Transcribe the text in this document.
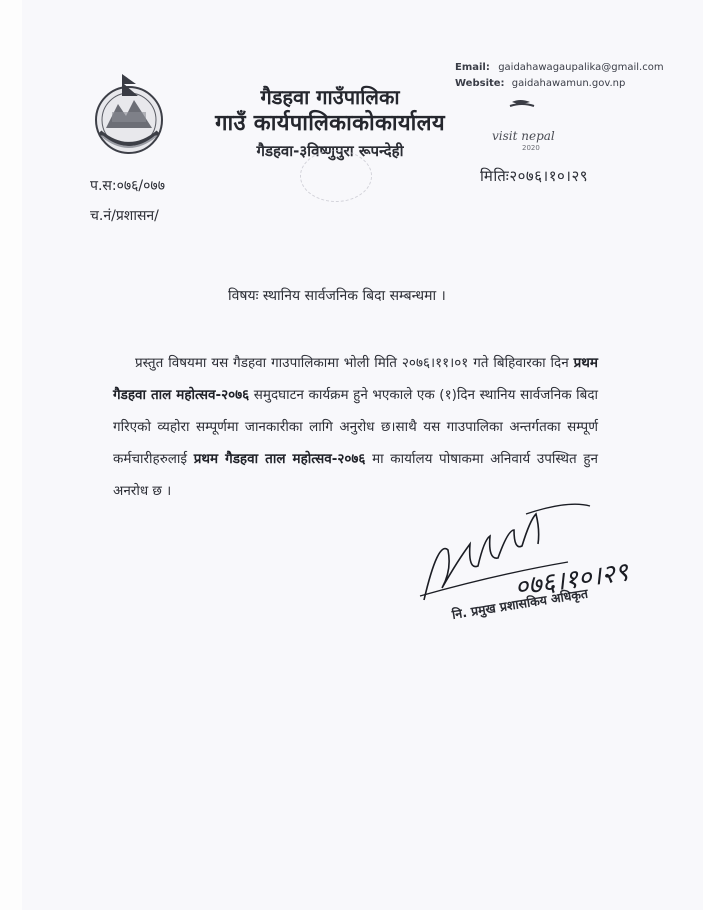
गैडहवा गाउँपालिका
गाउँ कार्यपालिकाकोकार्यालय
गैडहवा-३विष्णुपुरा रूपन्देही
Email: gaidahawagaupalika@gmail.com
Website: gaidahawamun.gov.np
visit nepal
2020
मितिः२०७६।१०।२९
प.स:०७६/०७७
च.नं/प्रशासन/
विषयः स्थानिय सार्वजनिक बिदा सम्बन्धमा ।
प्रस्तुत विषयमा यस गैडहवा गाउपालिकामा भोली मिति २०७६।११।०१ गते बिहिवारका दिन प्रथम गैडहवा ताल महोत्सव-२०७६ समुदघाटन कार्यक्रम हुने भएकाले एक (१)दिन स्थानिय सार्वजनिक बिदा गरिएको व्यहोरा सम्पूर्णमा जानकारीका लागि अनुरोध छ।साथै यस गाउपालिका अन्तर्गतका सम्पूर्ण कर्मचारीहरुलाई प्रथम गैडहवा ताल महोत्सव-२०७६ मा कार्यालय पोषाकमा अनिवार्य उपस्थित हुन अनरोध छ ।
०७६।१०।२९
नि. प्रमुख प्रशासकिय अधिकृत
